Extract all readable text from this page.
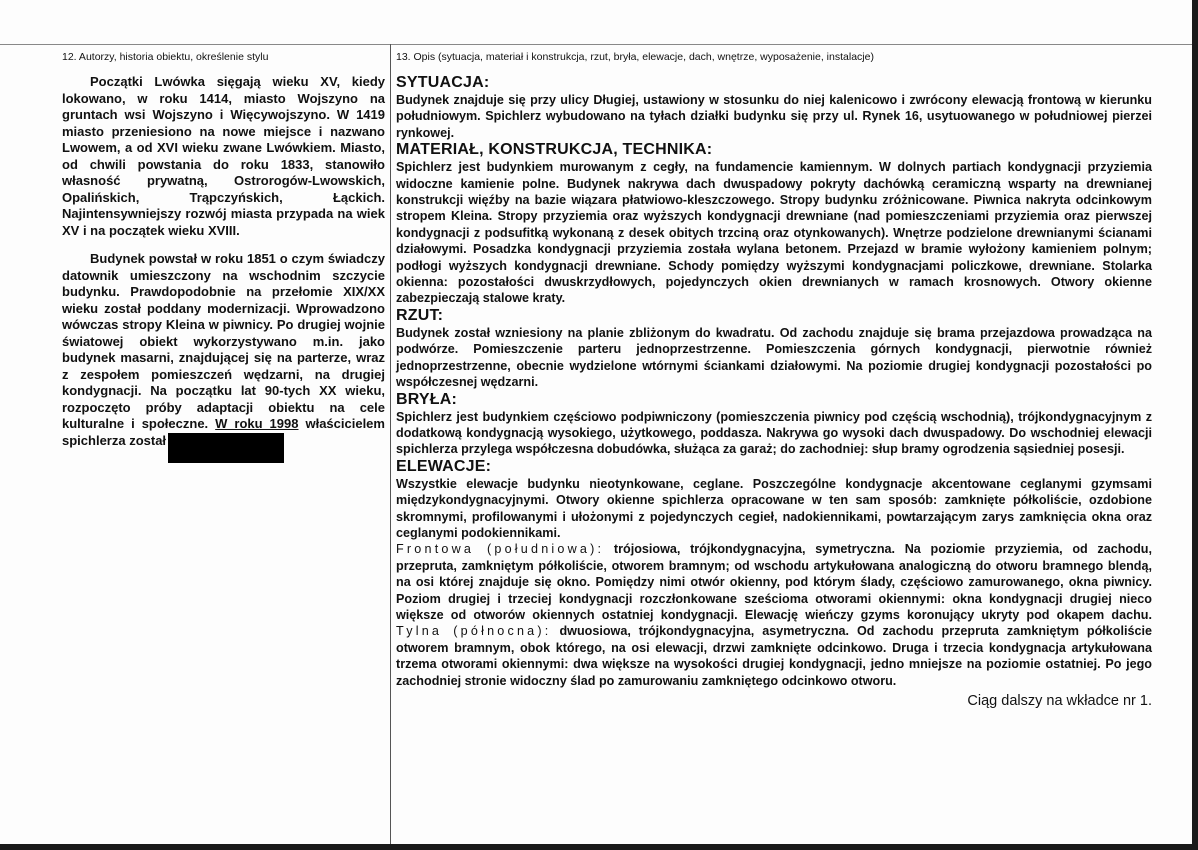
12. Autorzy, historia obiektu, określenie stylu

Początki Lwówka sięgają wieku XV, kiedy lokowano, w roku 1414, miasto Wojszyno na gruntach wsi Wojszyno i Więcywojszyno. W 1419 miasto przeniesiono na nowe miejsce i nazwano Lwowem, a od XVI wieku zwane Lwówkiem. Miasto, od chwili powstania do roku 1833, stanowiło własność prywatną, Ostrorogów-Lwowskich, Opalińskich, Trąpczyńskich, Łąckich. Najintensywniejszy rozwój miasta przypada na wiek XV i na początek wieku XVIII.

Budynek powstał w roku 1851 o czym świadczy datownik umieszczony na wschodnim szczycie budynku. Prawdopodobnie na przełomie XIX/XX wieku został poddany modernizacji. Wprowadzono wówczas stropy Kleina w piwnicy. Po drugiej wojnie światowej obiekt wykorzystywano m.in. jako budynek masarni, znajdującej się na parterze, wraz z zespołem pomieszczeń wędzarni, na drugiej kondygnacji. Na początku lat 90-tych XX wieku, rozpoczęto próby adaptacji obiektu na cele kulturalne i społeczne. W roku 1998 właścicielem spichlerza został

13. Opis (sytuacja, materiał i konstrukcja, rzut, bryła, elewacje, dach, wnętrze, wyposażenie, instalacje)
SYTUACJA:

Budynek znajduje się przy ulicy Długiej, ustawiony w stosunku do niej kalenicowo i zwrócony elewacją frontową w kierunku południowym. Spichlerz wybudowano na tyłach działki budynku się przy ul. Rynek 16, usytuowanego w południowej pierzei rynkowej.

MATERIAŁ, KONSTRUKCJA, TECHNIKA:

Spichlerz jest budynkiem murowanym z cegły, na fundamencie kamiennym. W dolnych partiach kondygnacji przyziemia widoczne kamienie polne. Budynek nakrywa dach dwuspadowy pokryty dachówką ceramiczną wsparty na drewnianej konstrukcji więźby na bazie wiązara płatwiowo-kleszczowego. Stropy budynku zróżnicowane. Piwnica nakryta odcinkowym stropem Kleina. Stropy przyziemia oraz wyższych kondygnacji drewniane (nad pomieszczeniami przyziemia oraz pierwszej kondygnacji z podsufitką wykonaną z desek obitych trzciną oraz otynkowanych). Wnętrze podzielone drewnianymi ścianami działowymi. Posadzka kondygnacji przyziemia została wylana betonem. Przejazd w bramie wyłożony kamieniem polnym; podłogi wyższych kondygnacji drewniane. Schody pomiędzy wyższymi kondygnacjami policzkowe, drewniane. Stolarka okienna: pozostałości dwuskrzydłowych, pojedynczych okien drewnianych w ramach krosnowych. Otwory okienne zabezpieczają stalowe kraty.

RZUT:

Budynek został wzniesiony na planie zbliżonym do kwadratu. Od zachodu znajduje się brama przejazdowa prowadząca na podwórze. Pomieszczenie parteru jednoprzestrzenne. Pomieszczenia górnych kondygnacji, pierwotnie również jednoprzestrzenne, obecnie wydzielone wtórnymi ściankami działowymi. Na poziomie drugiej kondygnacji pozostałości po współczesnej wędzarni.

BRYŁA:

Spichlerz jest budynkiem częściowo podpiwniczony (pomieszczenia piwnicy pod częścią wschodnią), trójkondygnacyjnym z dodatkową kondygnacją wysokiego, użytkowego, poddasza. Nakrywa go wysoki dach dwuspadowy. Do wschodniej elewacji spichlerza przylega współczesna dobudówka, służąca za garaż; do zachodniej: słup bramy ogrodzenia sąsiedniej posesji.

ELEWACJE:

Wszystkie elewacje budynku nieotynkowane, ceglane. Poszczególne kondygnacje akcentowane ceglanymi gzymsami międzykondygnacyjnymi. Otwory okienne spichlerza opracowane w ten sam sposób: zamknięte półkoliście, ozdobione skromnymi, profilowanymi i ułożonymi z pojedynczych cegieł, nadokiennikami, powtarzającym zarys zamknięcia okna oraz ceglanymi podokiennikami.

Frontowa (południowa): trójosiowa, trójkondygnacyjna, symetryczna. Na poziomie przyziemia, od zachodu, przepruta, zamkniętym półkoliście, otworem bramnym; od wschodu artykułowana analogiczną do otworu bramnego blendą, na osi której znajduje się okno. Pomiędzy nimi otwór okienny, pod którym ślady, częściowo zamurowanego, okna piwnicy. Poziom drugiej i trzeciej kondygnacji rozczłonkowane sześcioma otworami okiennymi: okna kondygnacji drugiej nieco większe od otworów okiennych ostatniej kondygnacji. Elewację wieńczy gzyms koronujący ukryty pod okapem dachu. Tylna (północna): dwuosiowa, trójkondygnacyjna, asymetryczna. Od zachodu przepruta zamkniętym półkoliście otworem bramnym, obok którego, na osi elewacji, drzwi zamknięte odcinkowo. Druga i trzecia kondygnacja artykułowana trzema otworami okiennymi: dwa większe na wysokości drugiej kondygnacji, jedno mniejsze na poziomie ostatniej. Po jego zachodniej stronie widoczny ślad po zamurowaniu zamkniętego odcinkowo otworu.

Ciąg dalszy na wkładce nr 1.
